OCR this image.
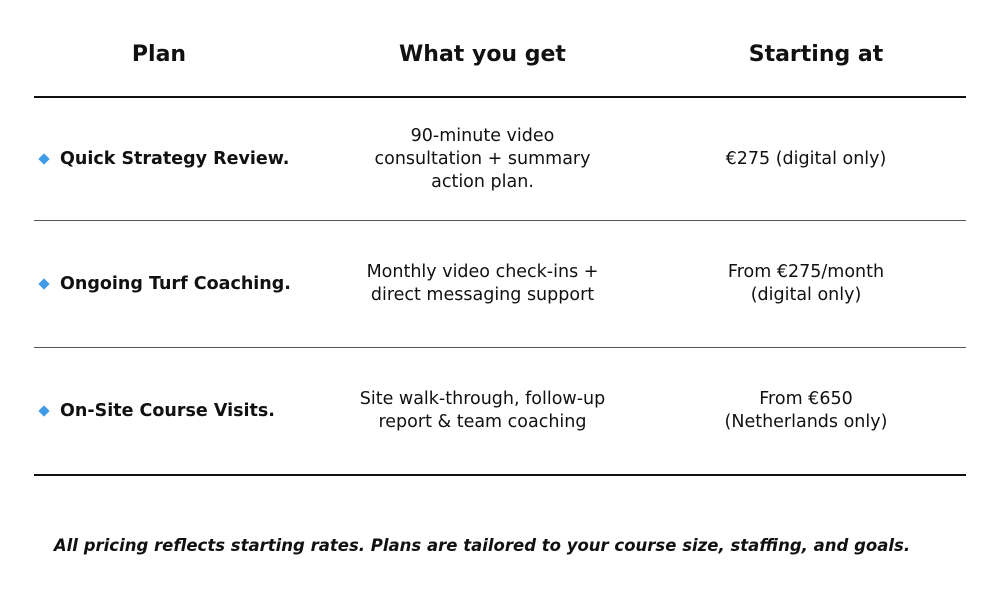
Plan	What you get	Starting at
Quick Strategy Review.
90-minute video consultation + summary action plan.
€275 (digital only)
Ongoing Turf Coaching.
Monthly video check-ins + direct messaging support
From €275/month (digital only)
On-Site Course Visits.
Site walk-through, follow-up report & team coaching
From €650 (Netherlands only)
All pricing reflects starting rates. Plans are tailored to your course size, staffing, and goals.
